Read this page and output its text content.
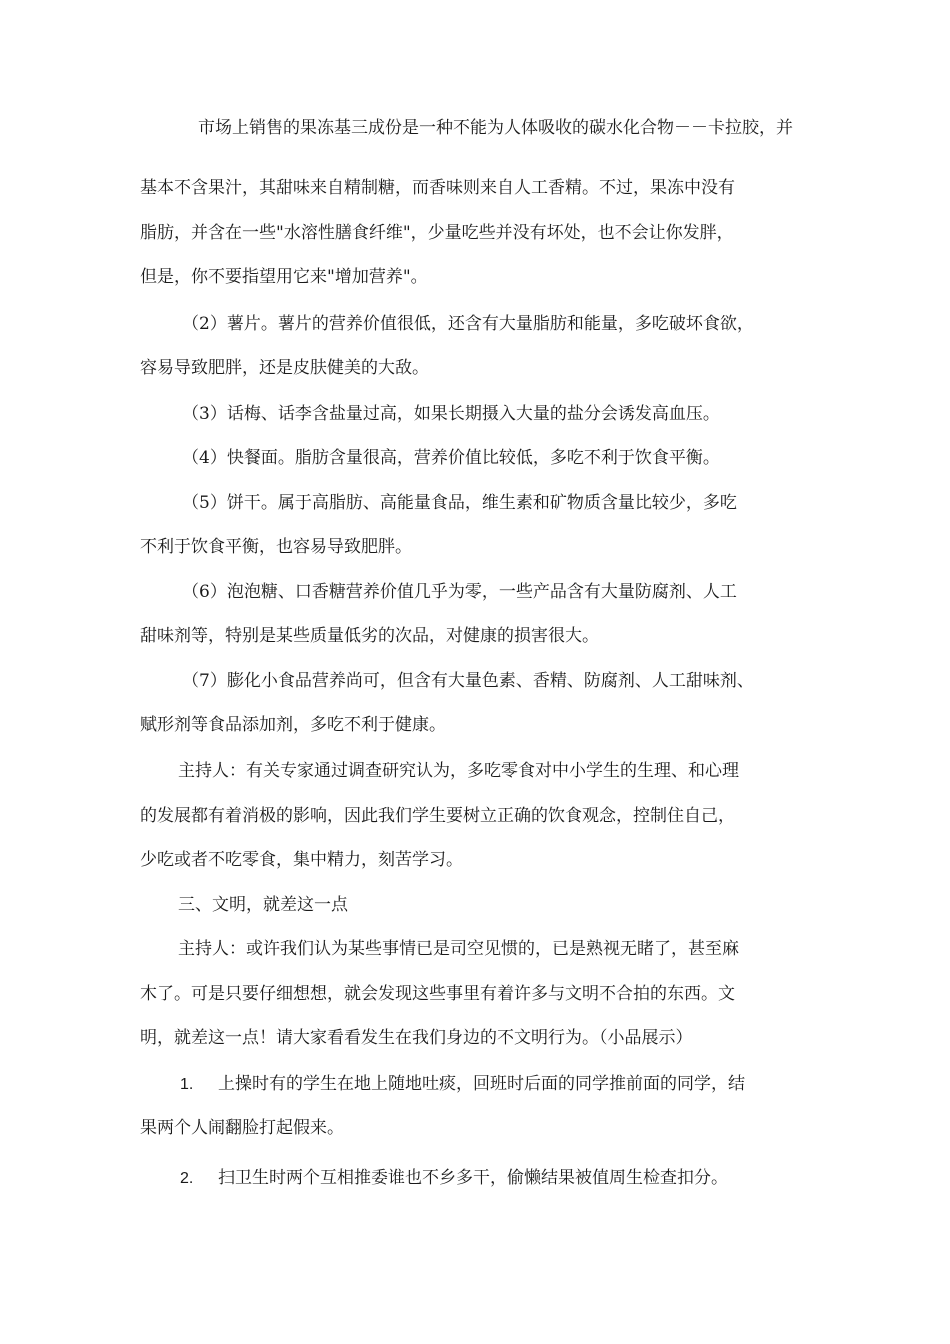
市场上销售的果冻基三成份是一种不能为人体吸收的碳水化合物－－卡拉胶，并
基本不含果汁，其甜味来自精制糖，而香味则来自人工香精。不过，果冻中没有
脂肪，并含在一些"水溶性膳食纤维"，少量吃些并没有坏处，也不会让你发胖，
但是，你不要指望用它来"增加营养"。
（2）薯片。薯片的营养价值很低，还含有大量脂肪和能量，多吃破坏食欲，
容易导致肥胖，还是皮肤健美的大敌。
（3）话梅、话李含盐量过高，如果长期摄入大量的盐分会诱发高血压。
（4）快餐面。脂肪含量很高，营养价值比较低，多吃不利于饮食平衡。
（5）饼干。属于高脂肪、高能量食品，维生素和矿物质含量比较少，多吃
不利于饮食平衡，也容易导致肥胖。
（6）泡泡糖、口香糖营养价值几乎为零，一些产品含有大量防腐剂、人工
甜味剂等，特别是某些质量低劣的次品，对健康的损害很大。
（7）膨化小食品营养尚可，但含有大量色素、香精、防腐剂、人工甜味剂、
赋形剂等食品添加剂，多吃不利于健康。
主持人：有关专家通过调查研究认为，多吃零食对中小学生的生理、和心理
的发展都有着消极的影响，因此我们学生要树立正确的饮食观念，控制住自己，
少吃或者不吃零食，集中精力，刻苦学习。
三、文明，就差这一点
主持人：或许我们认为某些事情已是司空见惯的，已是熟视无睹了，甚至麻
木了。可是只要仔细想想，就会发现这些事里有着许多与文明不合拍的东西。文
明，就差这一点！请大家看看发生在我们身边的不文明行为。（小品展示）
1. 上操时有的学生在地上随地吐痰，回班时后面的同学推前面的同学，结
果两个人闹翻脸打起假来。
2. 扫卫生时两个互相推委谁也不乡多干，偷懒结果被值周生检查扣分。
